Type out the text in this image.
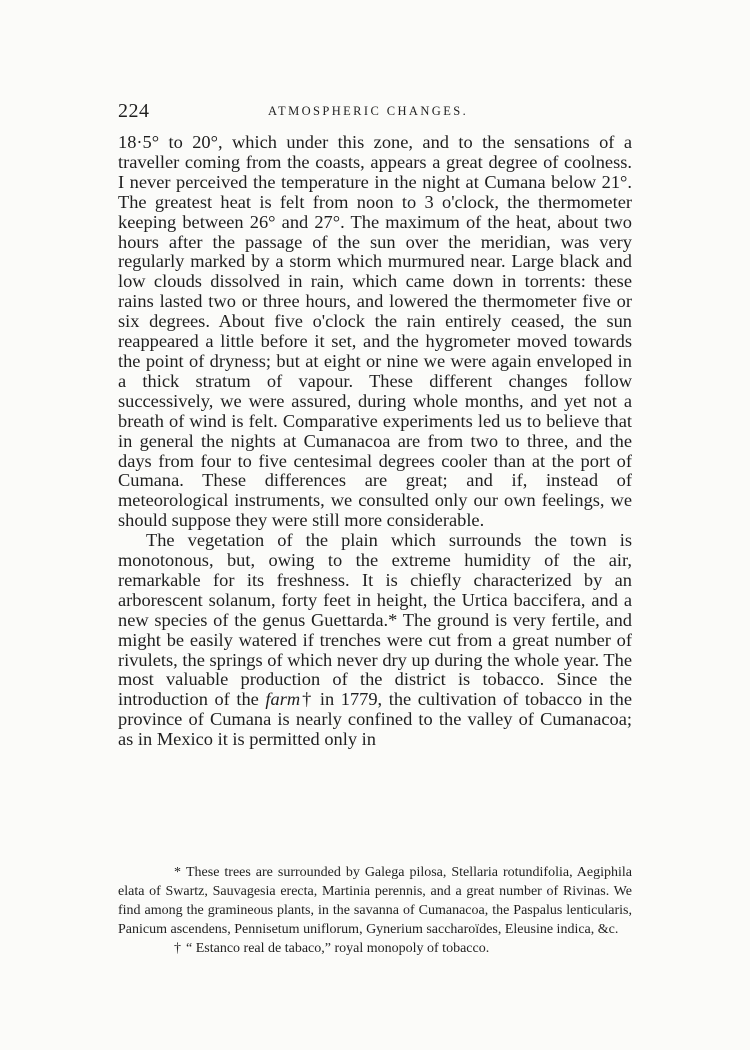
224	ATMOSPHERIC CHANGES.

18·5° to 20°, which under this zone, and to the sensations of a traveller coming from the coasts, appears a great degree of coolness. I never perceived the temperature in the night at Cumana below 21°. The greatest heat is felt from noon to 3 o'clock, the thermometer keeping between 26° and 27°. The maximum of the heat, about two hours after the passage of the sun over the meridian, was very regularly marked by a storm which murmured near. Large black and low clouds dissolved in rain, which came down in torrents: these rains lasted two or three hours, and lowered the thermometer five or six degrees. About five o'clock the rain entirely ceased, the sun reappeared a little before it set, and the hygrometer moved towards the point of dryness; but at eight or nine we were again enveloped in a thick stratum of vapour. These different changes follow successively, we were assured, during whole months, and yet not a breath of wind is felt. Comparative experiments led us to believe that in general the nights at Cumanacoa are from two to three, and the days from four to five centesimal degrees cooler than at the port of Cumana. These differences are great; and if, instead of meteorological instruments, we consulted only our own feelings, we should suppose they were still more considerable.

The vegetation of the plain which surrounds the town is monotonous, but, owing to the extreme humidity of the air, remarkable for its freshness. It is chiefly characterized by an arborescent solanum, forty feet in height, the Urtica baccifera, and a new species of the genus Guettarda.* The ground is very fertile, and might be easily watered if trenches were cut from a great number of rivulets, the springs of which never dry up during the whole year. The most valuable production of the district is tobacco. Since the introduction of the farm† in 1779, the cultivation of tobacco in the province of Cumana is nearly confined to the valley of Cumanacoa; as in Mexico it is permitted only in

* These trees are surrounded by Galega pilosa, Stellaria rotundifolia, Aegiphila elata of Swartz, Sauvagesia erecta, Martinia perennis, and a great number of Rivinas. We find among the gramineous plants, in the savanna of Cumanacoa, the Paspalus lenticularis, Panicum ascendens, Pennisetum uniflorum, Gynerium saccharoïdes, Eleusine indica, &c.

† “ Estanco real de tabaco,” royal monopoly of tobacco.
